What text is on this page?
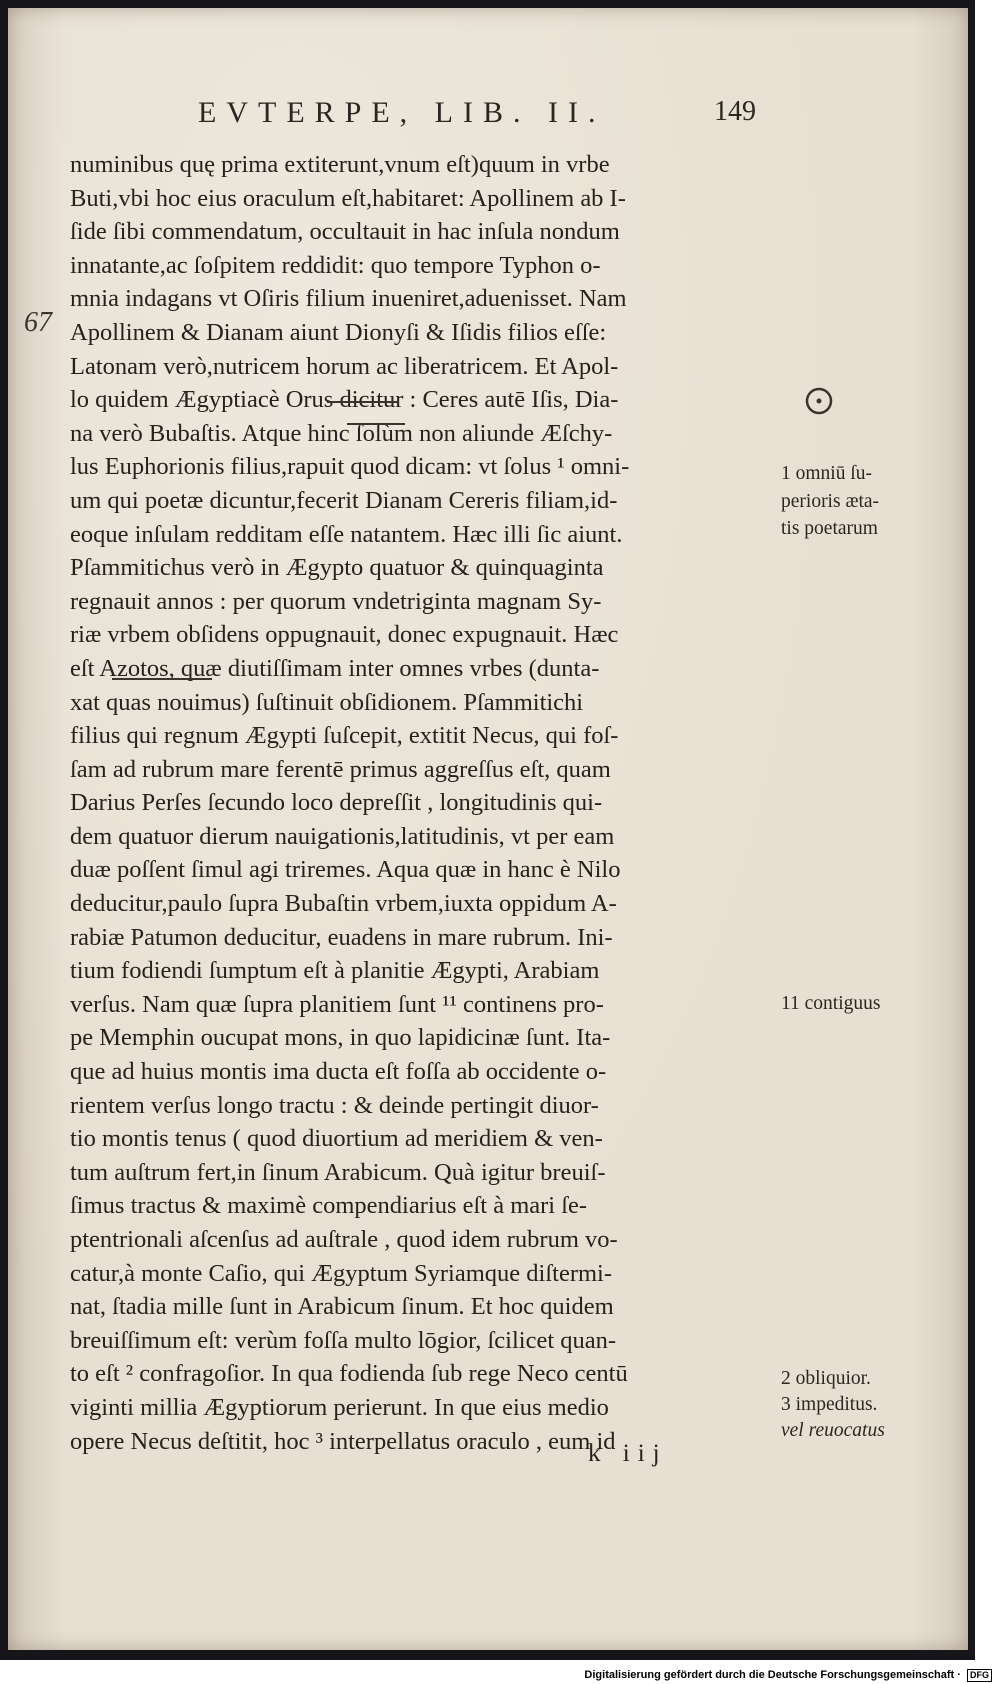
EVTERPE, LIB. II.	149
67
numinibus quę prima extiterunt,vnum eſt)quum in vrbe
Buti,vbi hoc eius oraculum eſt,habitaret: Apollinem ab I-
ſide ſibi commendatum, occultauit in hac inſula nondum
innatante,ac ſoſpitem reddidit: quo tempore Typhon o-
mnia indagans vt Oſiris filium inueniret,aduenisset. Nam
Apollinem & Dianam aiunt Dionyſi & Iſidis filios eſſe:
Latonam verò,nutricem horum ac liberatricem. Et Apol-
lo quidem Ægyptiacè Orus dicitur : Ceres autē Iſis, Dia-
na verò Bubaſtis. Atque hinc ſolùm non aliunde Æſchy-
lus Euphorionis filius,rapuit quod dicam: vt ſolus ¹ omni-
um qui poetæ dicuntur,fecerit Dianam Cereris filiam,id-
eoque inſulam redditam eſſe natantem. Hæc illi ſic aiunt.
Pſammitichus verò in Ægypto quatuor & quinquaginta
regnauit annos : per quorum vndetriginta magnam Sy-
riæ vrbem obſidens oppugnauit, donec expugnauit. Hæc
eſt Azotos, quæ diutiſſimam inter omnes vrbes (dunta-
xat quas nouimus) ſuſtinuit obſidionem. Pſammitichi
filius qui regnum Ægypti ſuſcepit, extitit Necus, qui foſ-
ſam ad rubrum mare ferentē primus aggreſſus eſt, quam
Darius Perſes ſecundo loco depreſſit , longitudinis qui-
dem quatuor dierum nauigationis,latitudinis, vt per eam
duæ poſſent ſimul agi triremes. Aqua quæ in hanc è Nilo
deducitur,paulo ſupra Bubaſtin vrbem,iuxta oppidum A-
rabiæ Patumon deducitur, euadens in mare rubrum. Ini-
tium fodiendi ſumptum eſt à planitie Ægypti, Arabiam
verſus. Nam quæ ſupra planitiem ſunt ¹¹ continens pro-
pe Memphin oucupat mons, in quo lapidicinæ ſunt. Ita-
que ad huius montis ima ducta eſt foſſa ab occidente o-
rientem verſus longo tractu : & deinde pertingit diuor-
tio montis tenus ( quod diuortium ad meridiem & ven-
tum auſtrum fert,in ſinum Arabicum. Quà igitur breuiſ-
ſimus tractus & maximè compendiarius eſt à mari ſe-
ptentrionali aſcenſus ad auſtrale , quod idem rubrum vo-
catur,à monte Caſio, qui Ægyptum Syriamque diſtermi-
nat, ſtadia mille ſunt in Arabicum ſinum. Et hoc quidem
breuiſſimum eſt: verùm foſſa multo lōgior, ſcilicet quan-
to eſt ² confragoſior. In qua fodienda ſub rege Neco centū
viginti millia Ægyptiorum perierunt. In que eius medio
opere Necus deſtitit, hoc ³ interpellatus oraculo , eum id
k iij
1 omniū ſu-
perioris æta-
tis poetarum
11 contiguus
2 obliquior.
3 impeditus.
vel reuocatus
Digitalisierung gefördert durch die Deutsche Forschungsgemeinschaft · DFG
